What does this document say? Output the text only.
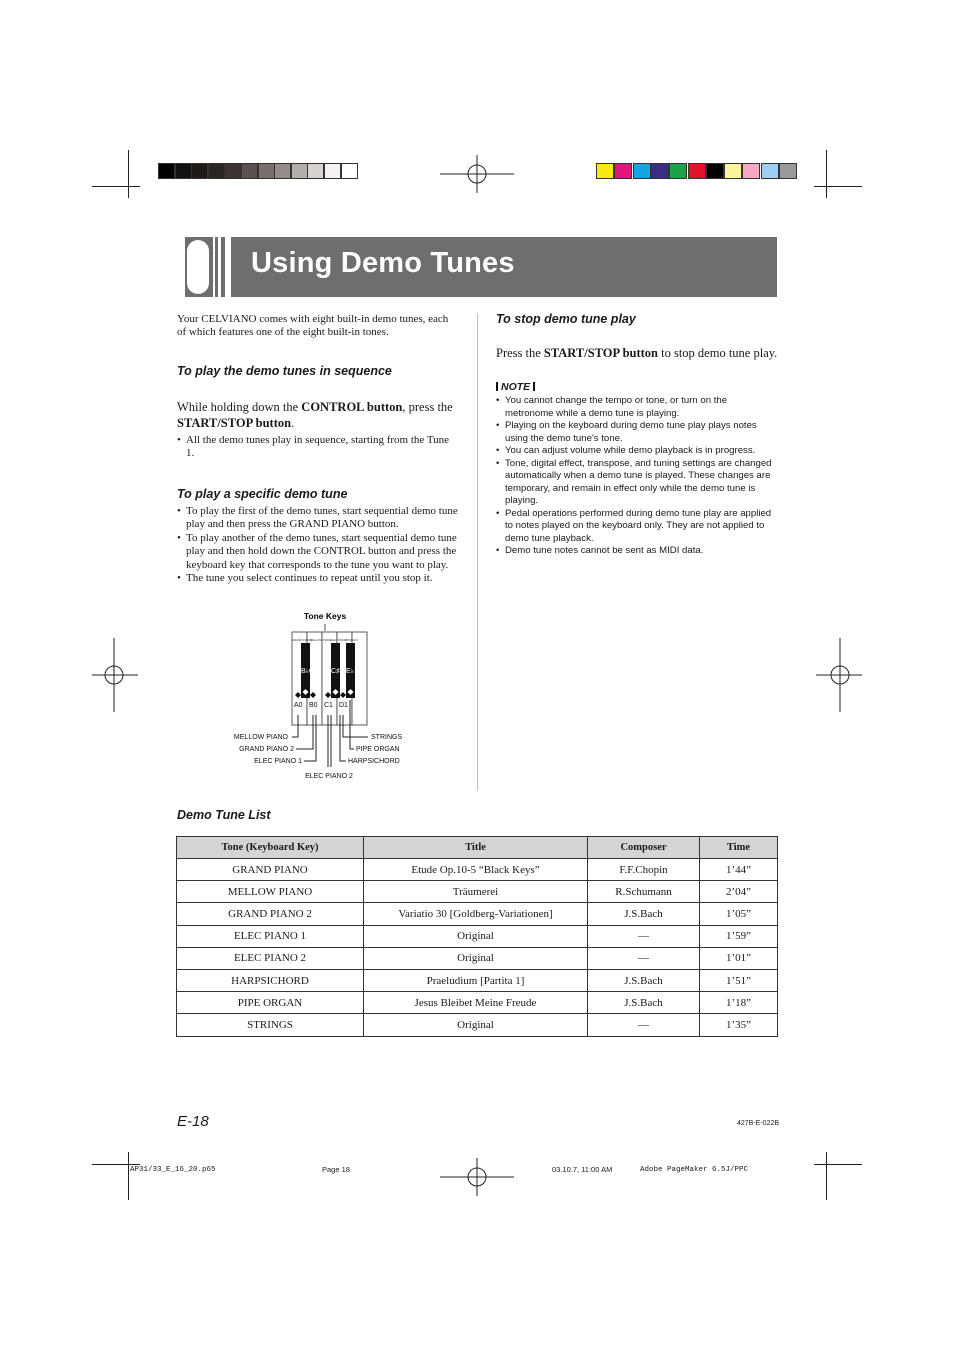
Using Demo Tunes
Your CELVIANO comes with eight built-in demo tunes, each of which features one of the eight built-in tones.
To play the demo tunes in sequence
While holding down the CONTROL button, press the
START/STOP button.
• All the demo tunes play in sequence, starting from the Tune 1.
To play a specific demo tune
• To play the first of the demo tunes, start sequential demo tune play and then press the GRAND PIANO button.
• To play another of the demo tunes, start sequential demo tune play and then hold down the CONTROL button and press the keyboard key that corresponds to the tune you want to play.
• The tune you select continues to repeat until you stop it.
Tone Keys
GRAND PIANO
MELLOW PIANO
ELEC PIANO
STRINGS
B♭0	C♯1 E♭1
A0 B0 C1 D1
MELLOW PIANO
GRAND PIANO 2
ELEC PIANO 1
STRINGS
PIPE ORGAN
HARPSICHORD
ELEC PIANO 2
To stop demo tune play
Press the START/STOP button to stop demo tune play.
NOTE
• You cannot change the tempo or tone, or turn on the metronome while a demo tune is playing.
• Playing on the keyboard during demo tune play plays notes using the demo tune's tone.
• You can adjust volume while demo playback is in progress.
• Tone, digital effect, transpose, and tuning settings are changed automatically when a demo tune is played. These changes are temporary, and remain in effect only while the demo tune is playing.
• Pedal operations performed during demo tune play are applied to notes played on the keyboard only. They are not applied to demo tune playback.
• Demo tune notes cannot be sent as MIDI data.
Demo Tune List
Tone (Keyboard Key)	Title	Composer	Time
GRAND PIANO	Etude Op.10-5 “Black Keys”	F.F.Chopin	1’44”
MELLOW PIANO	Träumerei	R.Schumann	2’04”
GRAND PIANO 2	Variatio 30 [Goldberg-Variationen]	J.S.Bach	1’05”
ELEC PIANO 1	Original	—	1’59”
ELEC PIANO 2	Original	—	1’01”
HARPSICHORD	Praeludium [Partita 1]	J.S.Bach	1’51”
PIPE ORGAN	Jesus Bleibet Meine Freude	J.S.Bach	1’18”
STRINGS	Original	—	1’35”
E-18	427B-E-022B
AP31/33_E_16_20.p65	Page 18	03.10.7, 11:00 AM	Adobe PageMaker 6.5J/PPC
